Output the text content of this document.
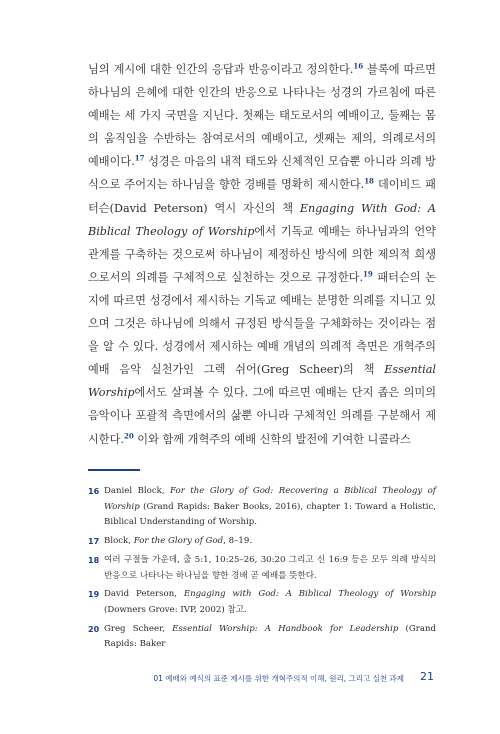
님의 계시에 대한 인간의 응답과 반응이라고 정의한다.$^{16}$ 블록에 따르면 하나님의 은혜에 대한 인간의 반응으로 나타나는 성경의 가르침에 따른 예배는 세 가지 국면을 지닌다. 첫째는 태도로서의 예배이고, 둘째는 몸의 움직임을 수반하는 참여로서의 예배이고, 셋째는 제의, 의례로서의 예배이다.$^{17}$ 성경은 마음의 내적 태도와 신체적인 모습뿐 아니라 의례 방식으로 주어지는 하나님을 향한 경배를 명확히 제시한다.$^{18}$ 데이비드 패터슨(David Peterson) 역시 자신의 책 Engaging With God: A Biblical Theology of Worship에서 기독교 예배는 하나님과의 언약 관계를 구축하는 것으로써 하나님이 제정하신 방식에 의한 제의적 희생으로서의 의례를 구체적으로 실천하는 것으로 규정한다.$^{19}$ 패터슨의 논지에 따르면 성경에서 제시하는 기독교 예배는 분명한 의례를 지니고 있으며 그것은 하나님에 의해서 규정된 방식들을 구체화하는 것이라는 점을 알 수 있다. 성경에서 제시하는 예배 개념의 의례적 측면은 개혁주의 예배 음악 실천가인 그렉 쉬어(Greg Scheer)의 책 Essential Worship에서도 살펴볼 수 있다. 그에 따르면 예배는 단지 좁은 의미의 음악이나 포괄적 측면에서의 삶뿐 아니라 구체적인 의례를 구분해서 제시한다.$^{20}$ 이와 함께 개혁주의 예배 신학의 발전에 기여한 니콜라스

16 Daniel Block, For the Glory of God: Recovering a Biblical Theology of Worship (Grand Rapids: Baker Books, 2016), chapter 1: Toward a Holistic, Biblical Understanding of Worship.
17 Block, For the Glory of God, 8–19.
18 여러 구절들 가운데, 출 5:1, 10:25–26, 30:20 그리고 신 16:9 등은 모두 의례 방식의 반응으로 나타나는 하나님을 향한 경배 곧 예배를 뜻한다.
19 David Peterson, Engaging with God: A Biblical Theology of Worship (Downers Grove: IVP, 2002) 참고.
20 Greg Scheer, Essential Worship: A Handbook for Leadership (Grand Rapids: Baker
01 예배와 예식의 표준 제시를 위한 개혁주의적 이해, 원리, 그리고 실천 과제 21
